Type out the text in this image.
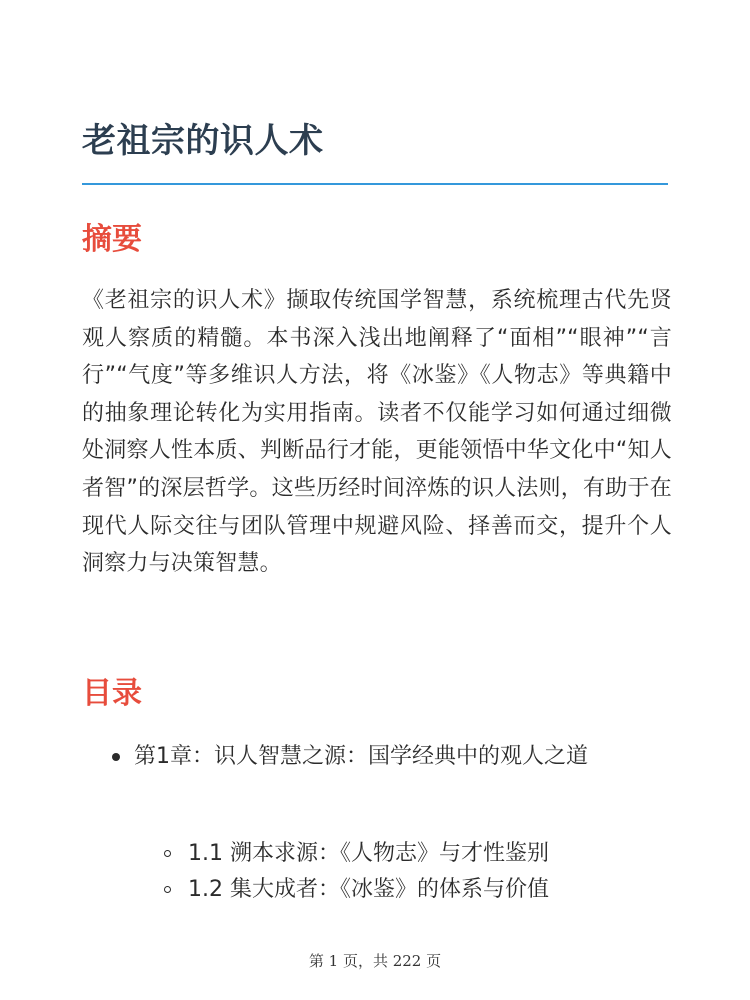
老祖宗的识人术
摘要

《老祖宗的识人术》撷取传统国学智慧，系统梳理古代先贤观人察质的精髓。本书深入浅出地阐释了“面相”“眼神”“言行”“气度”等多维识人方法，将《冰鉴》《人物志》等典籍中的抽象理论转化为实用指南。读者不仅能学习如何通过细微处洞察人性本质、判断品行才能，更能领悟中华文化中“知人者智”的深层哲学。这些历经时间淬炼的识人法则，有助于在现代人际交往与团队管理中规避风险、择善而交，提升个人洞察力与决策智慧。

目录
第1章：识人智慧之源：国学经典中的观人之道
1.1 溯本求源：《人物志》与才性鉴别
1.2 集大成者：《冰鉴》的体系与价值
第 1 页，共 222 页
